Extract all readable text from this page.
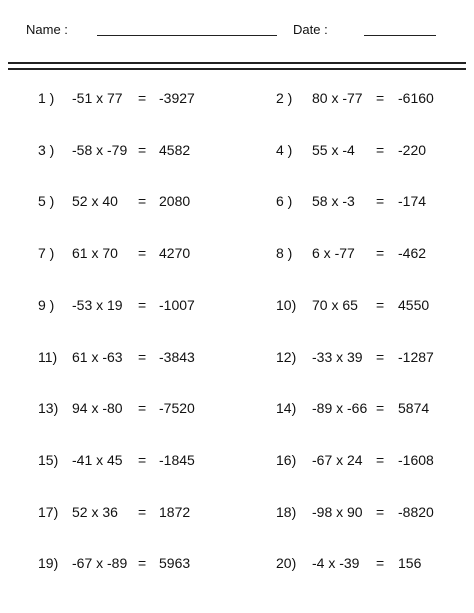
Name :	Date :
1 ) -51 x 77 = -3927	2 ) 80 x -77 = -6160
3 ) -58 x -79 = 4582	4 ) 55 x -4 = -220
5 ) 52 x 40 = 2080	6 ) 58 x -3 = -174
7 ) 61 x 70 = 4270	8 ) 6 x -77 = -462
9 ) -53 x 19 = -1007	10) 70 x 65 = 4550
11) 61 x -63 = -3843	12) -33 x 39 = -1287
13) 94 x -80 = -7520	14) -89 x -66 = 5874
15) -41 x 45 = -1845	16) -67 x 24 = -1608
17) 52 x 36 = 1872	18) -98 x 90 = -8820
19) -67 x -89 = 5963	20) -4 x -39 = 156
